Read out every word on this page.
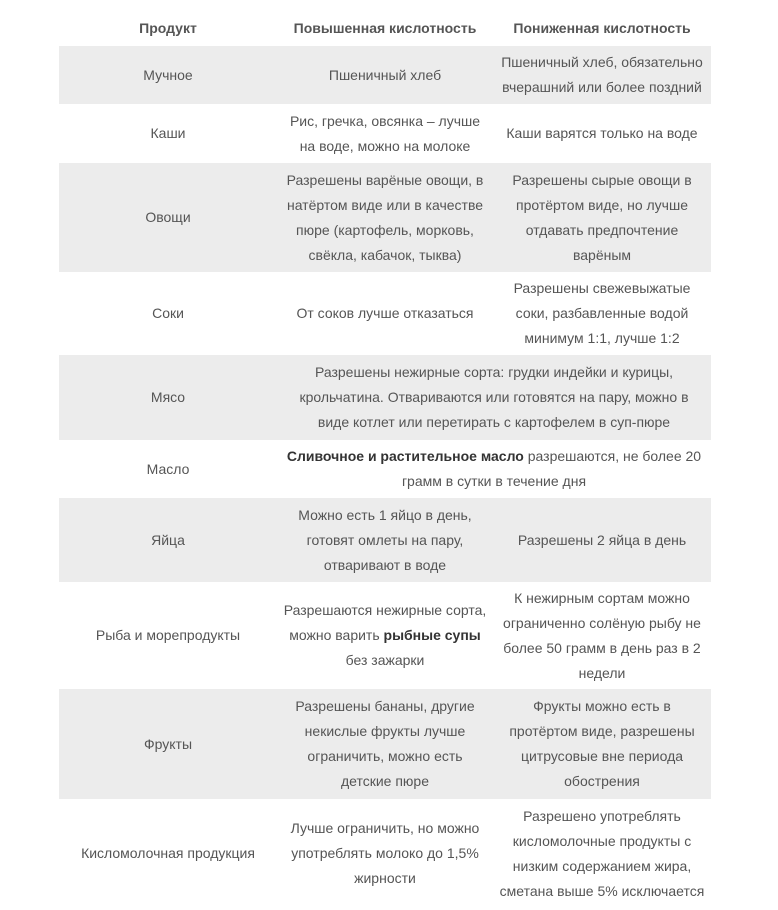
Продукт	Повышенная кислотность	Пониженная кислотность
Мучное	Пшеничный хлеб	Пшеничный хлеб, обязательно вчерашний или более поздний
Каши	Рис, гречка, овсянка – лучше на воде, можно на молоке	Каши варятся только на воде
Овощи	Разрешены варёные овощи, в натёртом виде или в качестве пюре (картофель, морковь, свёкла, кабачок, тыква)	Разрешены сырые овощи в протёртом виде, но лучше отдавать предпочтение варёным
Соки	От соков лучше отказаться	Разрешены свежевыжатые соки, разбавленные водой минимум 1:1, лучше 1:2
Мясо	Разрешены нежирные сорта: грудки индейки и курицы, крольчатина. Отвариваются или готовятся на пару, можно в виде котлет или перетирать с картофелем в суп-пюре	
Масло	Сливочное и растительное масло разрешаются, не более 20 грамм в сутки в течение дня	
Яйца	Можно есть 1 яйцо в день, готовят омлеты на пару, отваривают в воде	Разрешены 2 яйца в день
Рыба и морепродукты	Разрешаются нежирные сорта, можно варить рыбные супы без зажарки	К нежирным сортам можно ограниченно солёную рыбу не более 50 грамм в день раз в 2 недели
Фрукты	Разрешены бананы, другие некислые фрукты лучше ограничить, можно есть детские пюре	Фрукты можно есть в протёртом виде, разрешены цитрусовые вне периода обострения
Кисломолочная продукция	Лучше ограничить, но можно употреблять молоко до 1,5% жирности	Разрешено употреблять кисломолочные продукты с низким содержанием жира, сметана выше 5% исключается
